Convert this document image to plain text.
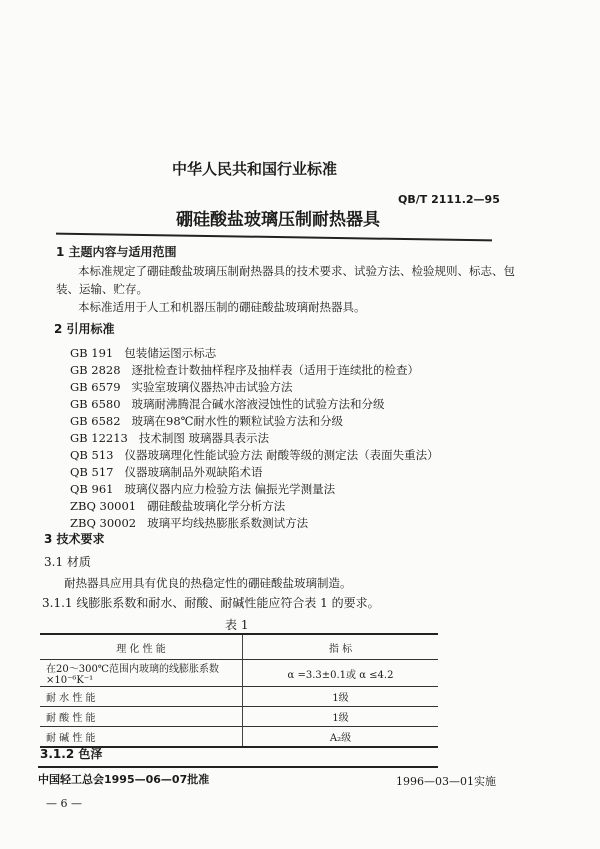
中华人民共和国行业标准
QB/T 2111.2—95
硼硅酸盐玻璃压制耐热器具
1 主题内容与适用范围
本标准规定了硼硅酸盐玻璃压制耐热器具的技术要求、试验方法、检验规则、标志、包
装、运输、贮存。
本标准适用于人工和机器压制的硼硅酸盐玻璃耐热器具。
2 引用标准
GB 191 包装储运图示标志
GB 2828 逐批检查计数抽样程序及抽样表（适用于连续批的检查）
GB 6579 实验室玻璃仪器热冲击试验方法
GB 6580 玻璃耐沸腾混合碱水溶液浸蚀性的试验方法和分级
GB 6582 玻璃在98℃耐水性的颗粒试验方法和分级
GB 12213 技术制图 玻璃器具表示法
QB 513 仪器玻璃理化性能试验方法 耐酸等级的测定法（表面失重法）
QB 517 仪器玻璃制品外观缺陷术语
QB 961 玻璃仪器内应力检验方法 偏振光学测量法
ZBQ 30001 硼硅酸盐玻璃化学分析方法
ZBQ 30002 玻璃平均线热膨胀系数测试方法
3 技术要求
3.1 材质
耐热器具应用具有优良的热稳定性的硼硅酸盐玻璃制造。
3.1.1 线膨胀系数和耐水、耐酸、耐碱性能应符合表 1 的要求。
表 1
理 化 性 能	指 标
在20～300℃范围内玻璃的线膨胀系数 ×10⁻⁶K⁻¹	α =3.3±0.1或 α ≤4.2
耐 水 性 能	1级
耐 酸 性 能	1级
耐 碱 性 能	A₂级
3.1.2 色泽
中国轻工总会1995—06—07批准	1996—03—01实施
— 6 —
